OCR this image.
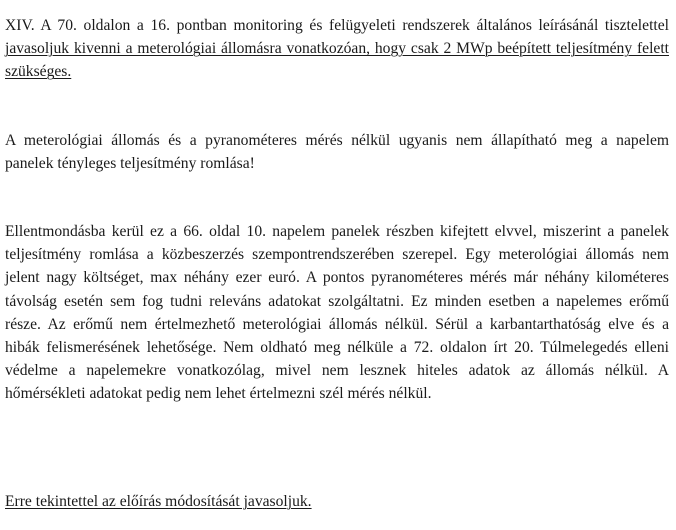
XIV. A 70. oldalon a 16. pontban monitoring és felügyeleti rendszerek általános leírásánál tisztelettel
javasoljuk kivenni a meterológiai állomásra vonatkozóan, hogy csak 2 MWp beépített teljesítmény felett
szükséges.
A meterológiai állomás és a pyranométeres mérés nélkül ugyanis nem állapítható meg a napelem
panelek tényleges teljesítmény romlása!
Ellentmondásba kerül ez a 66. oldal 10. napelem panelek részben kifejtett elvvel, miszerint a panelek
teljesítmény romlása a közbeszerzés szempontrendszerében szerepel. Egy meterológiai állomás nem
jelent nagy költséget, max néhány ezer euró. A pontos pyranométeres mérés már néhány kilométeres
távolság esetén sem fog tudni releváns adatokat szolgáltatni. Ez minden esetben a napelemes erőmű
része. Az erőmű nem értelmezhető meterológiai állomás nélkül. Sérül a karbantarthatóság elve és a
hibák felismerésének lehetősége. Nem oldható meg nélküle a 72. oldalon írt 20. Túlmelegedés elleni
védelme a napelemekre vonatkozólag, mivel nem lesznek hiteles adatok az állomás nélkül. A
hőmérsékleti adatokat pedig nem lehet értelmezni szél mérés nélkül.
Erre tekintettel az előírás módosítását javasoljuk.
